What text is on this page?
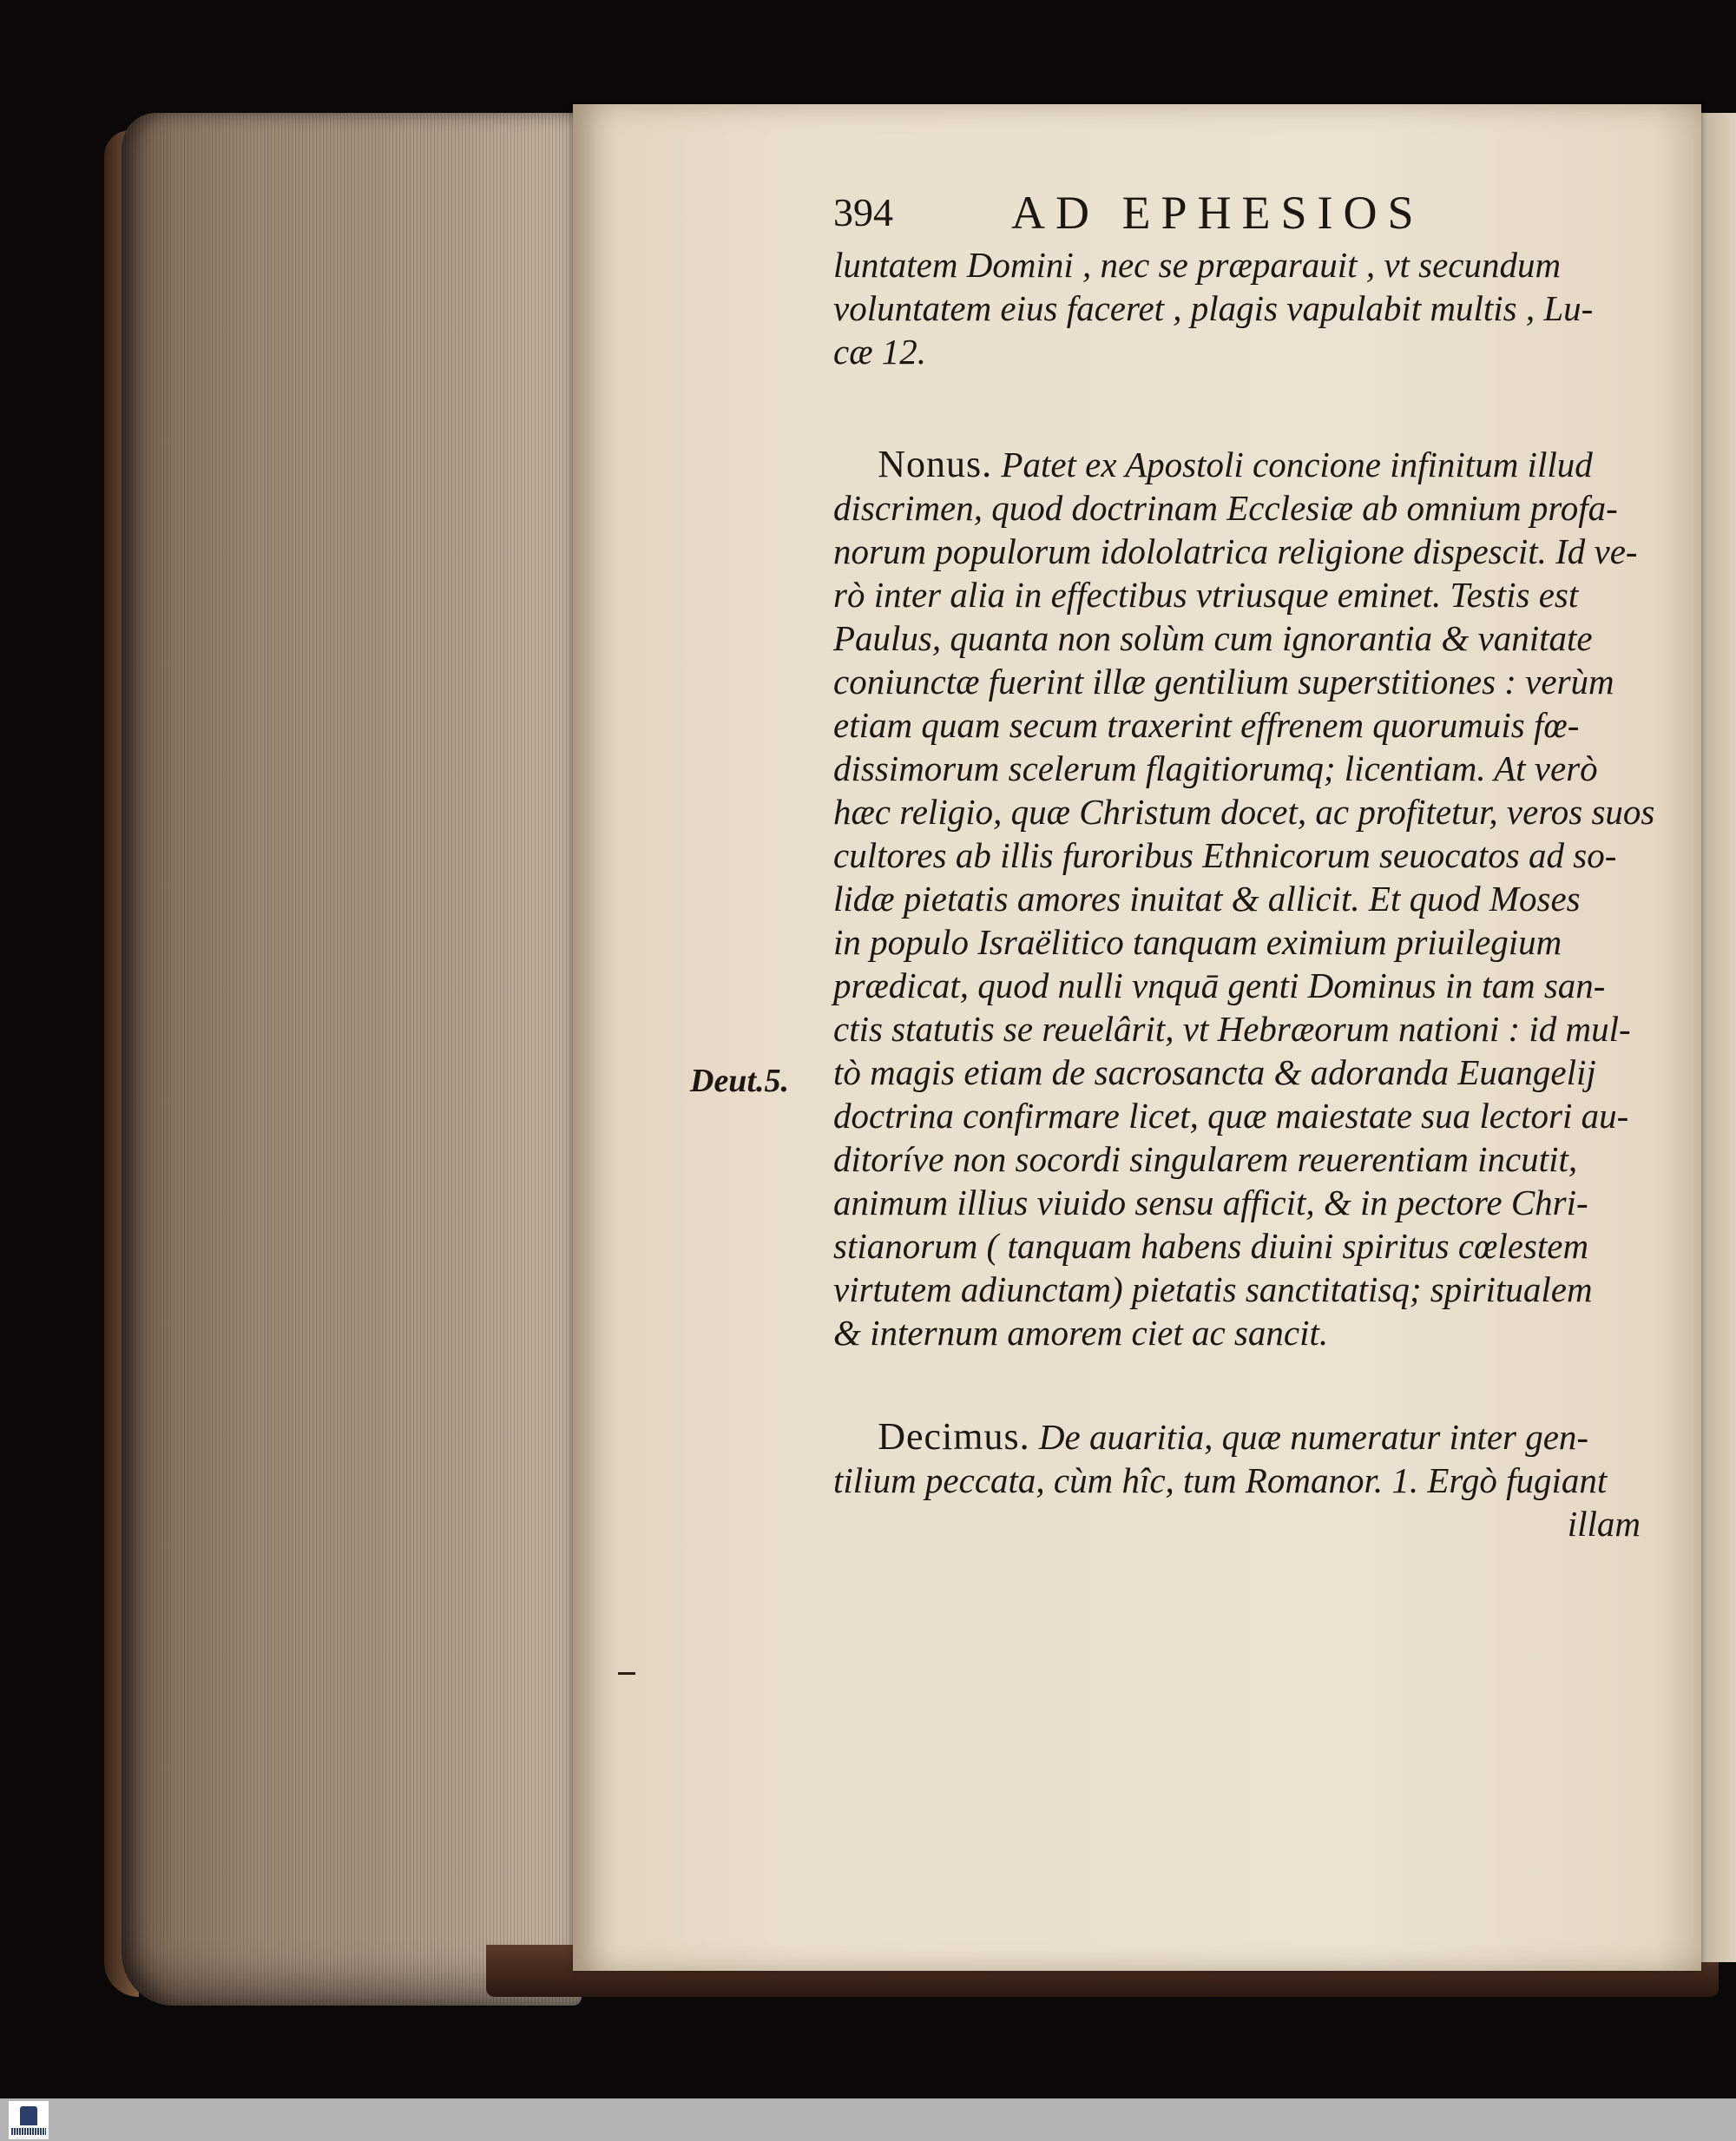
Deut.5.
394	AD EPHESIOS

luntatem Domini , nec se præparauit , vt secundum
voluntatem eius faceret , plagis vapulabit multis , Lu-
cæ 12.

Nonus. Patet ex Apostoli concione infinitum illud
discrimen, quod doctrinam Ecclesiæ ab omnium profa-
norum populorum idololatrica religione dispescit. Id ve-
rò inter alia in effectibus vtriusque eminet. Testis est
Paulus, quanta non solùm cum ignorantia & vanitate
coniunctæ fuerint illæ gentilium superstitiones : verùm
etiam quam secum traxerint effrenem quorumuis fœ-
dissimorum scelerum flagitiorumq; licentiam. At verò
hæc religio, quæ Christum docet, ac profitetur, veros suos
cultores ab illis furoribus Ethnicorum seuocatos ad so-
lidæ pietatis amores inuitat & allicit. Et quod Moses
in populo Israëlitico tanquam eximium priuilegium
prædicat, quod nulli vnquā genti Dominus in tam san-
ctis statutis se reuelârit, vt Hebræorum nationi : id mul-
tò magis etiam de sacrosancta & adoranda Euangelij
doctrina confirmare licet, quæ maiestate sua lectori au-
ditoríve non socordi singularem reuerentiam incutit,
animum illius viuido sensu afficit, & in pectore Chri-
stianorum ( tanquam habens diuini spiritus cœlestem
virtutem adiunctam) pietatis sanctitatisq; spiritualem
& internum amorem ciet ac sancit.

Decimus. De auaritia, quæ numeratur inter gen-
tilium peccata, cùm hîc, tum Romanor. 1. Ergò fugiant
illam
